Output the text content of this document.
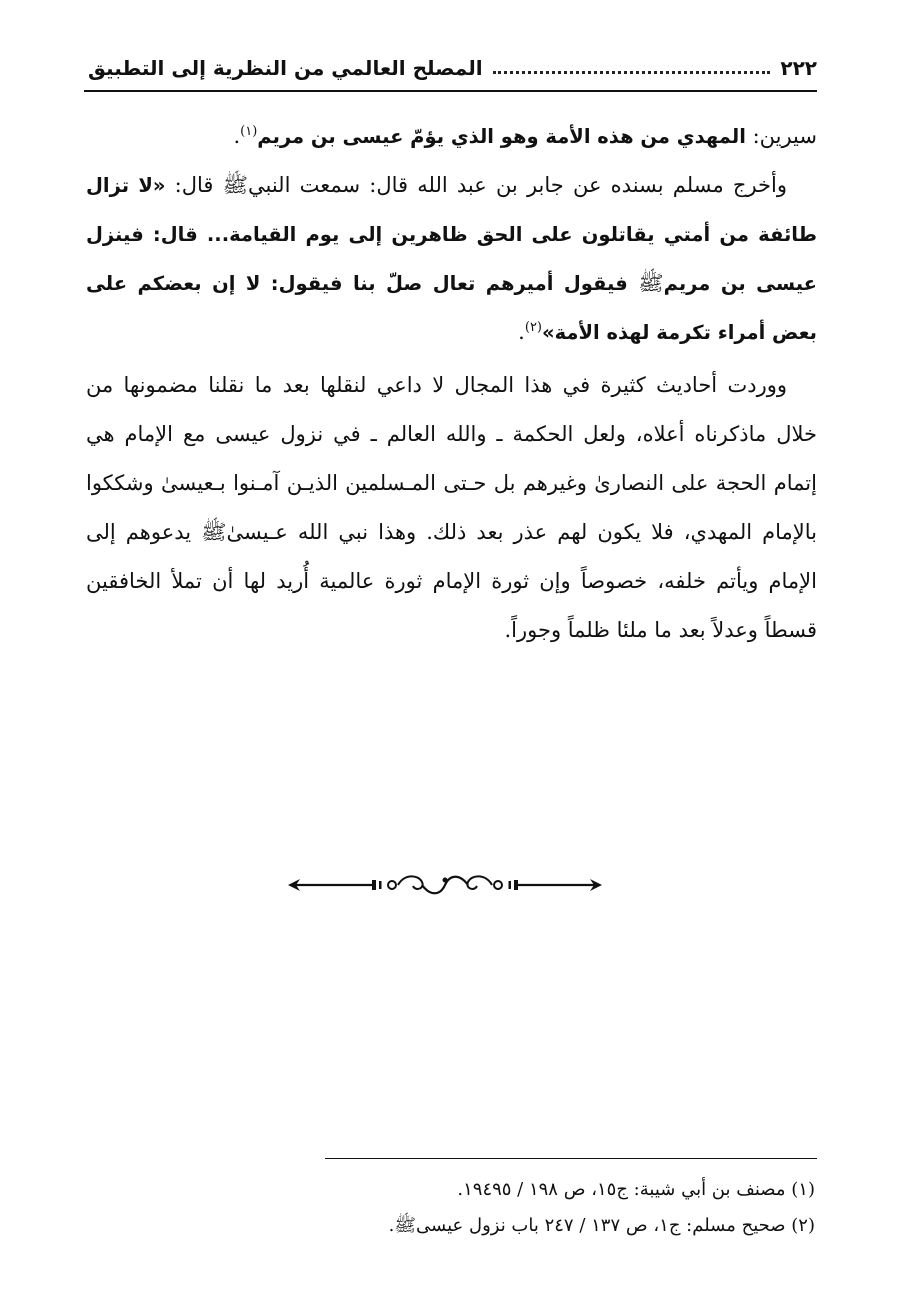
٢٢٢
المصلح العالمي من النظرية إلى التطبيق

سيرين: المهدي من هذه الأمة وهو الذي يؤمّ عيسى بن مريم$^{(١)}$.

وأخرج مسلم بسنده عن جابر بن عبد الله قال: سمعت النبيﷺ قال: «لا تزال طائفة من أمتي يقاتلون على الحق ظاهرين إلى يوم القيامة... قال: فينزل عيسى بن مريمﷺ فيقول أميرهم تعال صلّ بنا فيقول: لا إن بعضكم على بعض أمراء تكرمة لهذه الأمة»$^{(٢)}$.

ووردت أحاديث كثيرة في هذا المجال لا داعي لنقلها بعد ما نقلنا مضمونها من خلال ماذكرناه أعلاه، ولعل الحكمة ـ والله العالم ـ في نزول عيسى مع الإمام هي إتمام الحجة على النصارىٰ وغيرهم بل حـتى المـسلمين الذيـن آمـنوا بـعيسىٰ وشككوا بالإمام المهدي، فلا يكون لهم عذر بعد ذلك. وهذا نبي الله عـيسىٰﷺ يدعوهم إلى الإمام ويأتم خلفه، خصوصاً وإن ثورة الإمام ثورة عالمية أُريد لها أن تملأ الخافقين قسطاً وعدلاً بعد ما ملئا ظلماً وجوراً.

(١) مصنف بن أبي شيبة: ج١٥، ص ١٩٨ / ١٩٤٩٥.

(٢) صحيح مسلم: ج١، ص ١٣٧ / ٢٤٧ باب نزول عيسىﷺ.
